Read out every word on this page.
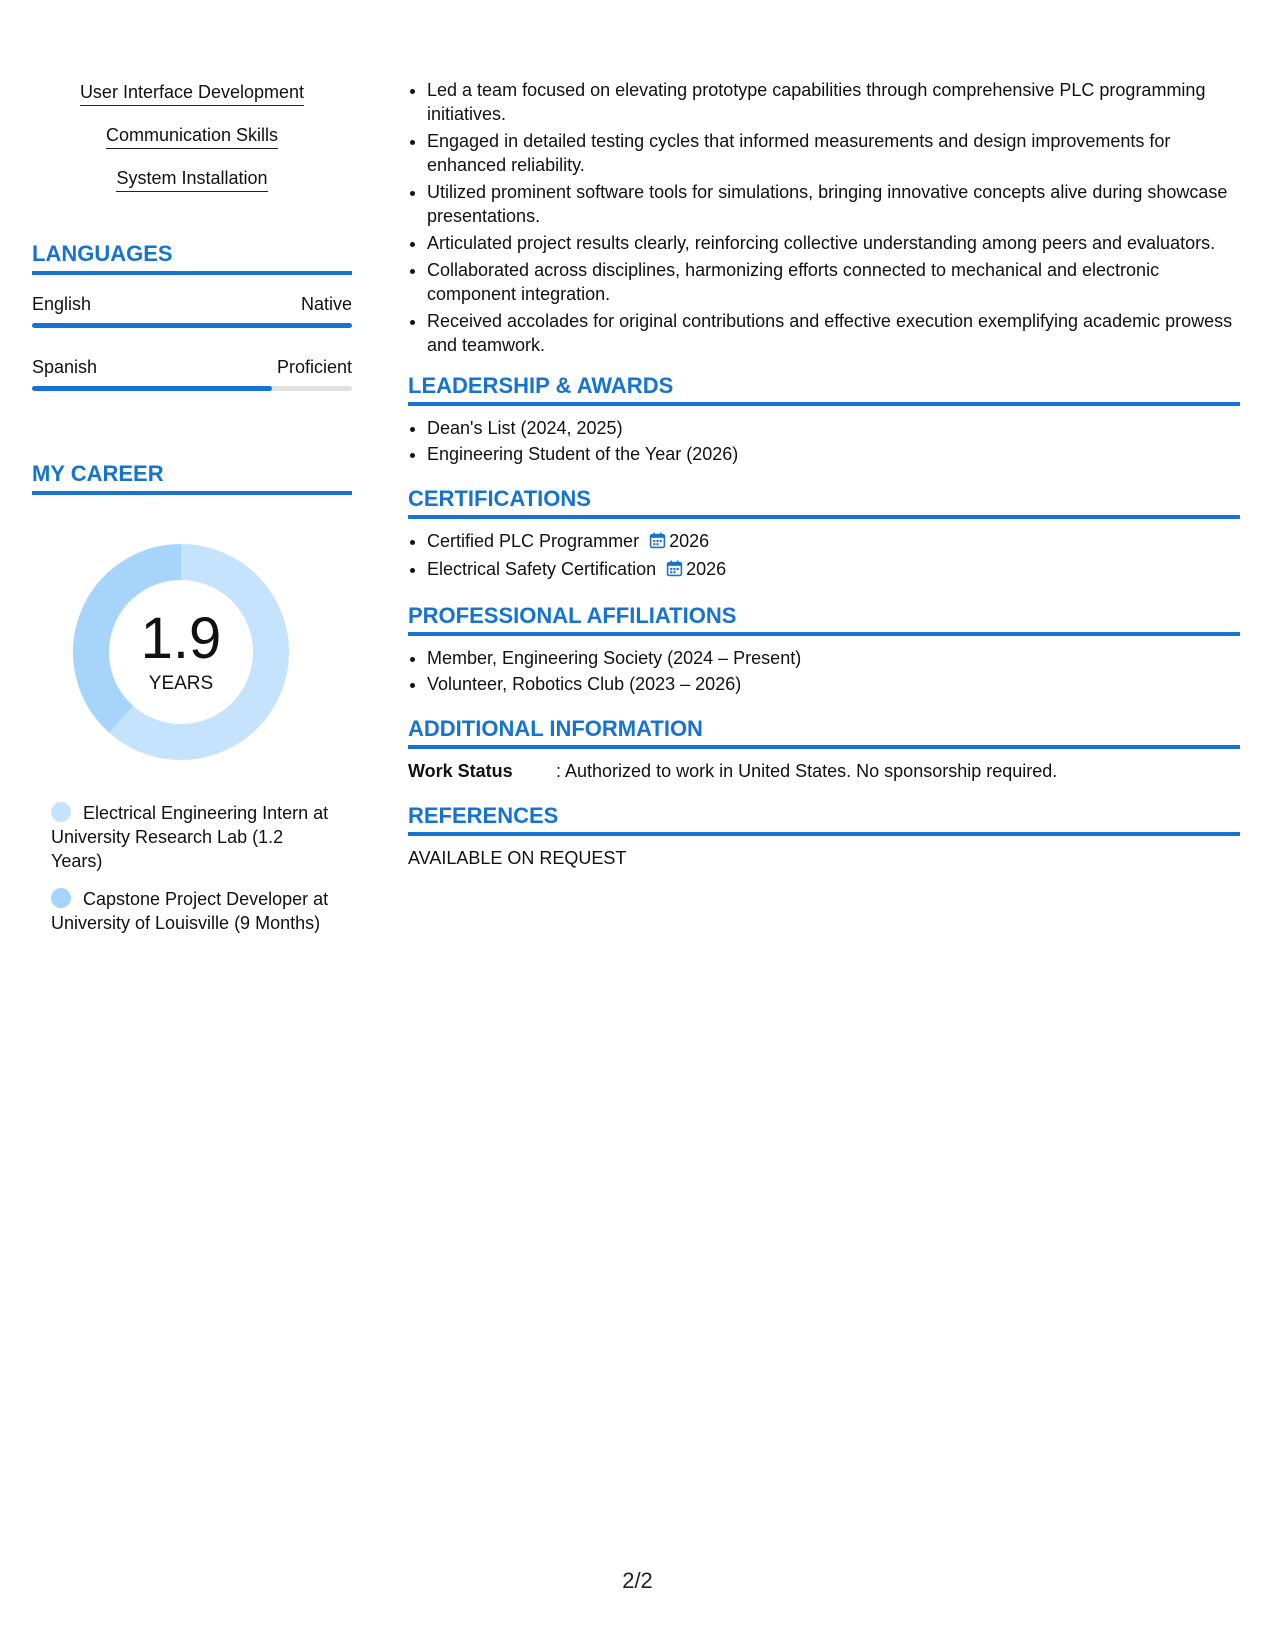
User Interface Development
Communication Skills
System Installation
LANGUAGES
English	Native
Spanish	Proficient
MY CAREER
1.9
YEARS
Electrical Engineering Intern at University Research Lab (1.2 Years)
Capstone Project Developer at University of Louisville (9 Months)
• Led a team focused on elevating prototype capabilities through comprehensive PLC programming initiatives.
• Engaged in detailed testing cycles that informed measurements and design improvements for enhanced reliability.
• Utilized prominent software tools for simulations, bringing innovative concepts alive during showcase presentations.
• Articulated project results clearly, reinforcing collective understanding among peers and evaluators.
• Collaborated across disciplines, harmonizing efforts connected to mechanical and electronic component integration.
• Received accolades for original contributions and effective execution exemplifying academic prowess and teamwork.
LEADERSHIP & AWARDS
• Dean's List (2024, 2025)
• Engineering Student of the Year (2026)
CERTIFICATIONS
• Certified PLC Programmer 2026
• Electrical Safety Certification 2026
PROFESSIONAL AFFILIATIONS
• Member, Engineering Society (2024 – Present)
• Volunteer, Robotics Club (2023 – 2026)
ADDITIONAL INFORMATION
Work Status	: Authorized to work in United States. No sponsorship required.
REFERENCES
AVAILABLE ON REQUEST
2/2
